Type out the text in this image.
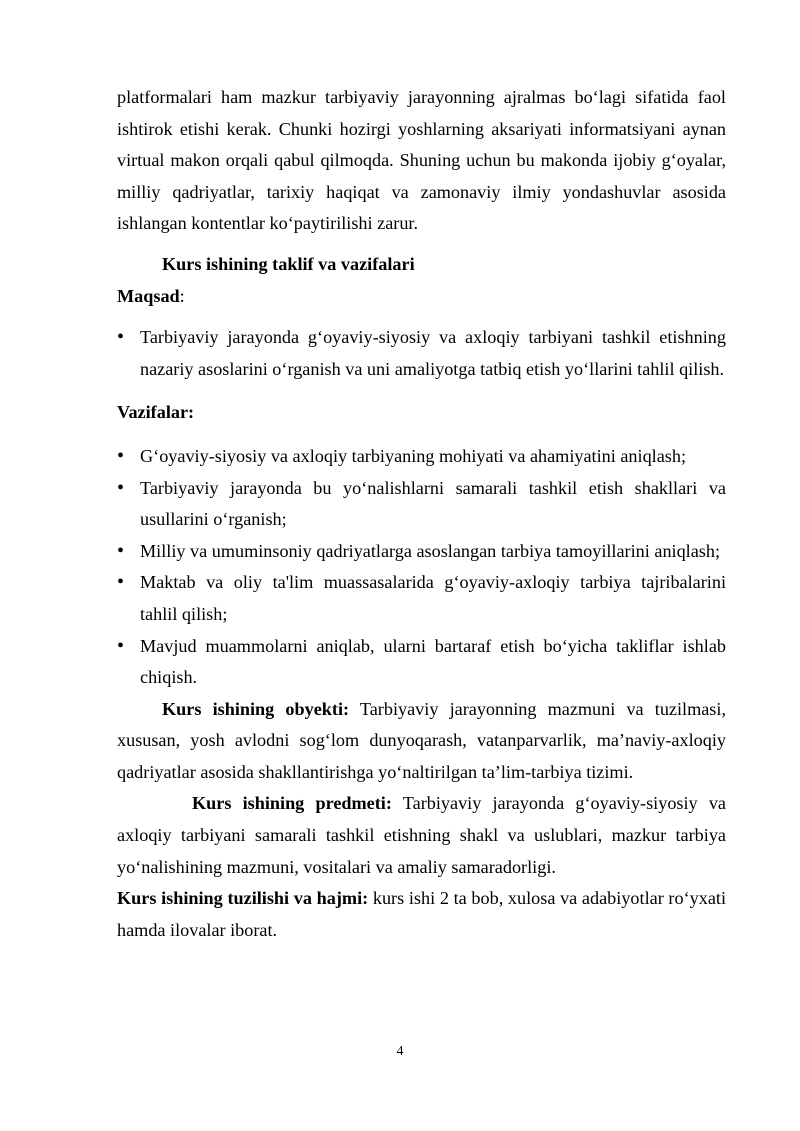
platformalari ham mazkur tarbiyaviy jarayonning ajralmas bo‘lagi sifatida faol ishtirok etishi kerak. Chunki hozirgi yoshlarning aksariyati informatsiyani aynan virtual makon orqali qabul qilmoqda. Shuning uchun bu makonda ijobiy g‘oyalar, milliy qadriyatlar, tarixiy haqiqat va zamonaviy ilmiy yondashuvlar asosida ishlangan kontentlar ko‘paytirilishi zarur.

Kurs ishining taklif va vazifalari

Maqsad:

• Tarbiyaviy jarayonda g‘oyaviy-siyosiy va axloqiy tarbiyani tashkil etishning nazariy asoslarini o‘rganish va uni amaliyotga tatbiq etish yo‘llarini tahlil qilish.

Vazifalar:

• G‘oyaviy-siyosiy va axloqiy tarbiyaning mohiyati va ahamiyatini aniqlash;
• Tarbiyaviy jarayonda bu yo‘nalishlarni samarali tashkil etish shakllari va usullarini o‘rganish;
• Milliy va umuminsoniy qadriyatlarga asoslangan tarbiya tamoyillarini aniqlash;
• Maktab va oliy ta'lim muassasalarida g‘oyaviy-axloqiy tarbiya tajribalarini tahlil qilish;
• Mavjud muammolarni aniqlab, ularni bartaraf etish bo‘yicha takliflar ishlab chiqish.

Kurs ishining obyekti: Tarbiyaviy jarayonning mazmuni va tuzilmasi, xususan, yosh avlodni sog‘lom dunyoqarash, vatanparvarlik, ma’naviy-axloqiy qadriyatlar asosida shakllantirishga yo‘naltirilgan ta’lim-tarbiya tizimi.

Kurs ishining predmeti: Tarbiyaviy jarayonda g‘oyaviy-siyosiy va axloqiy tarbiyani samarali tashkil etishning shakl va uslublari, mazkur tarbiya yo‘nalishining mazmuni, vositalari va amaliy samaradorligi.

Kurs ishining tuzilishi va hajmi: kurs ishi 2 ta bob, xulosa va adabiyotlar ro‘yxati hamda ilovalar iborat.

4
